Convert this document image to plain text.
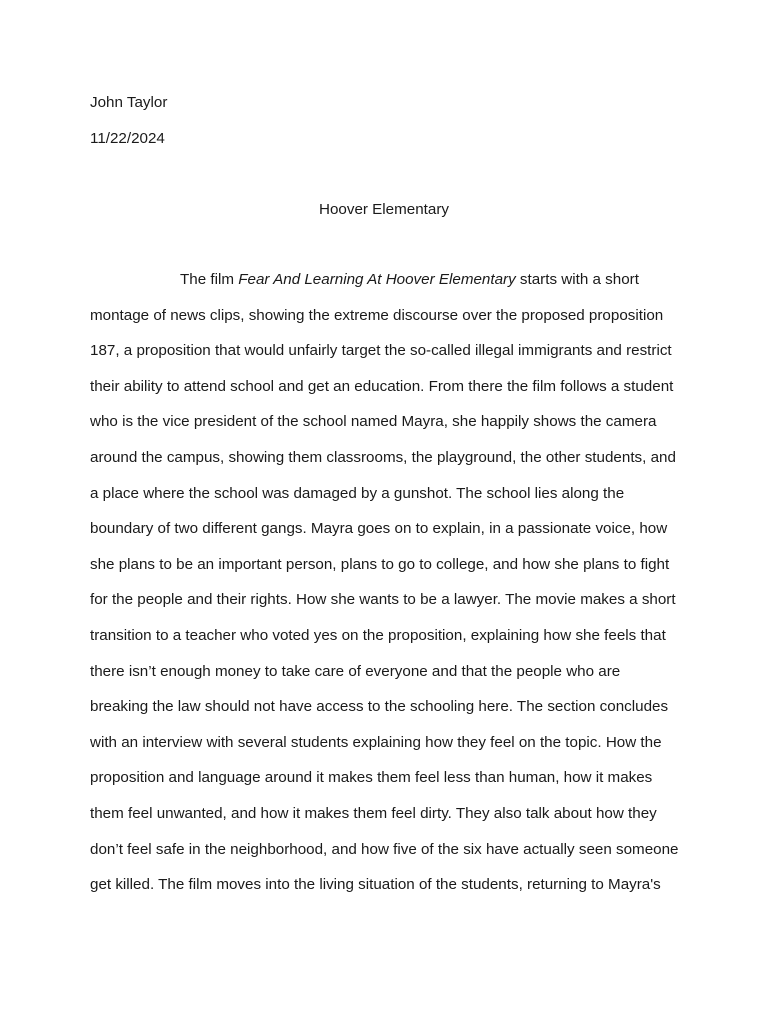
John Taylor

11/22/2024

Hoover Elementary
The film Fear And Learning At Hoover Elementary starts with a short
montage of news clips, showing the extreme discourse over the proposed proposition
187, a proposition that would unfairly target the so-called illegal immigrants and restrict
their ability to attend school and get an education. From there the film follows a student
who is the vice president of the school named Mayra, she happily shows the camera
around the campus, showing them classrooms, the playground, the other students, and
a place where the school was damaged by a gunshot. The school lies along the
boundary of two different gangs. Mayra goes on to explain, in a passionate voice, how
she plans to be an important person, plans to go to college, and how she plans to fight
for the people and their rights. How she wants to be a lawyer. The movie makes a short
transition to a teacher who voted yes on the proposition, explaining how she feels that
there isn’t enough money to take care of everyone and that the people who are
breaking the law should not have access to the schooling here. The section concludes
with an interview with several students explaining how they feel on the topic. How the
proposition and language around it makes them feel less than human, how it makes
them feel unwanted, and how it makes them feel dirty. They also talk about how they
don’t feel safe in the neighborhood, and how five of the six have actually seen someone
get killed. The film moves into the living situation of the students, returning to Mayra's
